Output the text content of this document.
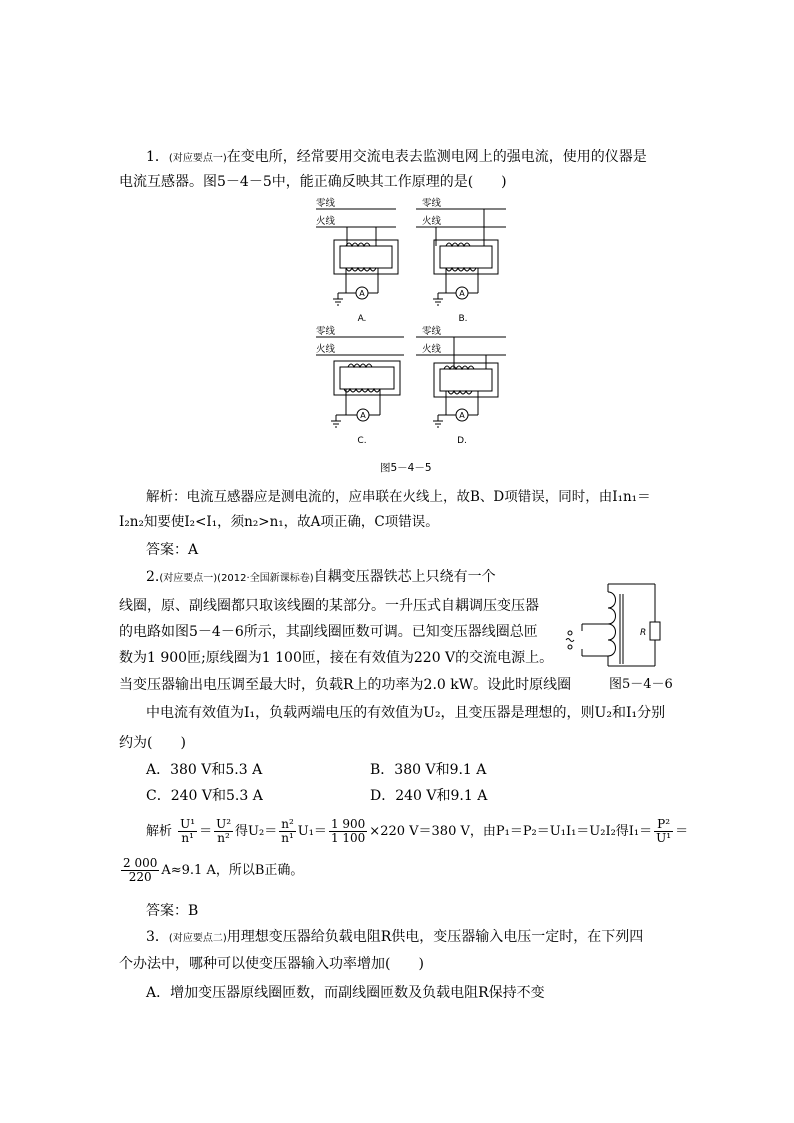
1．(对应要点一)在变电所，经常要用交流电表去监测电网上的强电流，使用的仪器是
电流互感器。图5－4－5中，能正确反映其工作原理的是(　　)
A	A
A	A
零线
火线
零线
火线
零线
火线
零线
火线
A.	B.
C.	D.
图5－4－5
解析：电流互感器应是测电流的，应串联在火线上，故B、D项错误，同时，由I₁n₁＝
I₂n₂知要使I₂<I₁，须n₂>n₁，故A项正确，C项错误。
答案：A
2.(对应要点一)(2012·全国新课标卷)自耦变压器铁芯上只绕有一个
线圈，原、副线圈都只取该线圈的某部分。一升压式自耦调压变压器
的电路如图5－4－6所示，其副线圈匝数可调。已知变压器线圈总匝
数为1 900匝;原线圈为1 100匝，接在有效值为220 V的交流电源上。
当变压器输出电压调至最大时，负载R上的功率为2.0 kW。设此时原线圈
R
图5－4－6
中电流有效值为I₁，负载两端电压的有效值为U₂，且变压器是理想的，则U₂和I₁分别
约为(　　)
A．380 V和5.3 A	B．380 V和9.1 A
C．240 V和5.3 A	D．240 V和9.1 A
解析 $\frac{\text{U¹}}{\text{n¹}} = \frac{\text{U²}}{\text{n²}}$ 得$U_2= \frac{\text{n²}}{\text{n¹}} U_1= \frac{1 900}{1 100} \times 220$ V＝380 V，由P₁＝P₂＝U₁I₁＝U₂I₂得$I_1= \frac{\text{P²}}{\text{U¹}}$ ＝
$\frac{2 000}{220} A\approx 9.1$ A，所以B正确。
答案：B
3．(对应要点二)用理想变压器给负载电阻R供电，变压器输入电压一定时，在下列四
个办法中，哪种可以使变压器输入功率增加(　　)
A．增加变压器原线圈匝数，而副线圈匝数及负载电阻R保持不变
